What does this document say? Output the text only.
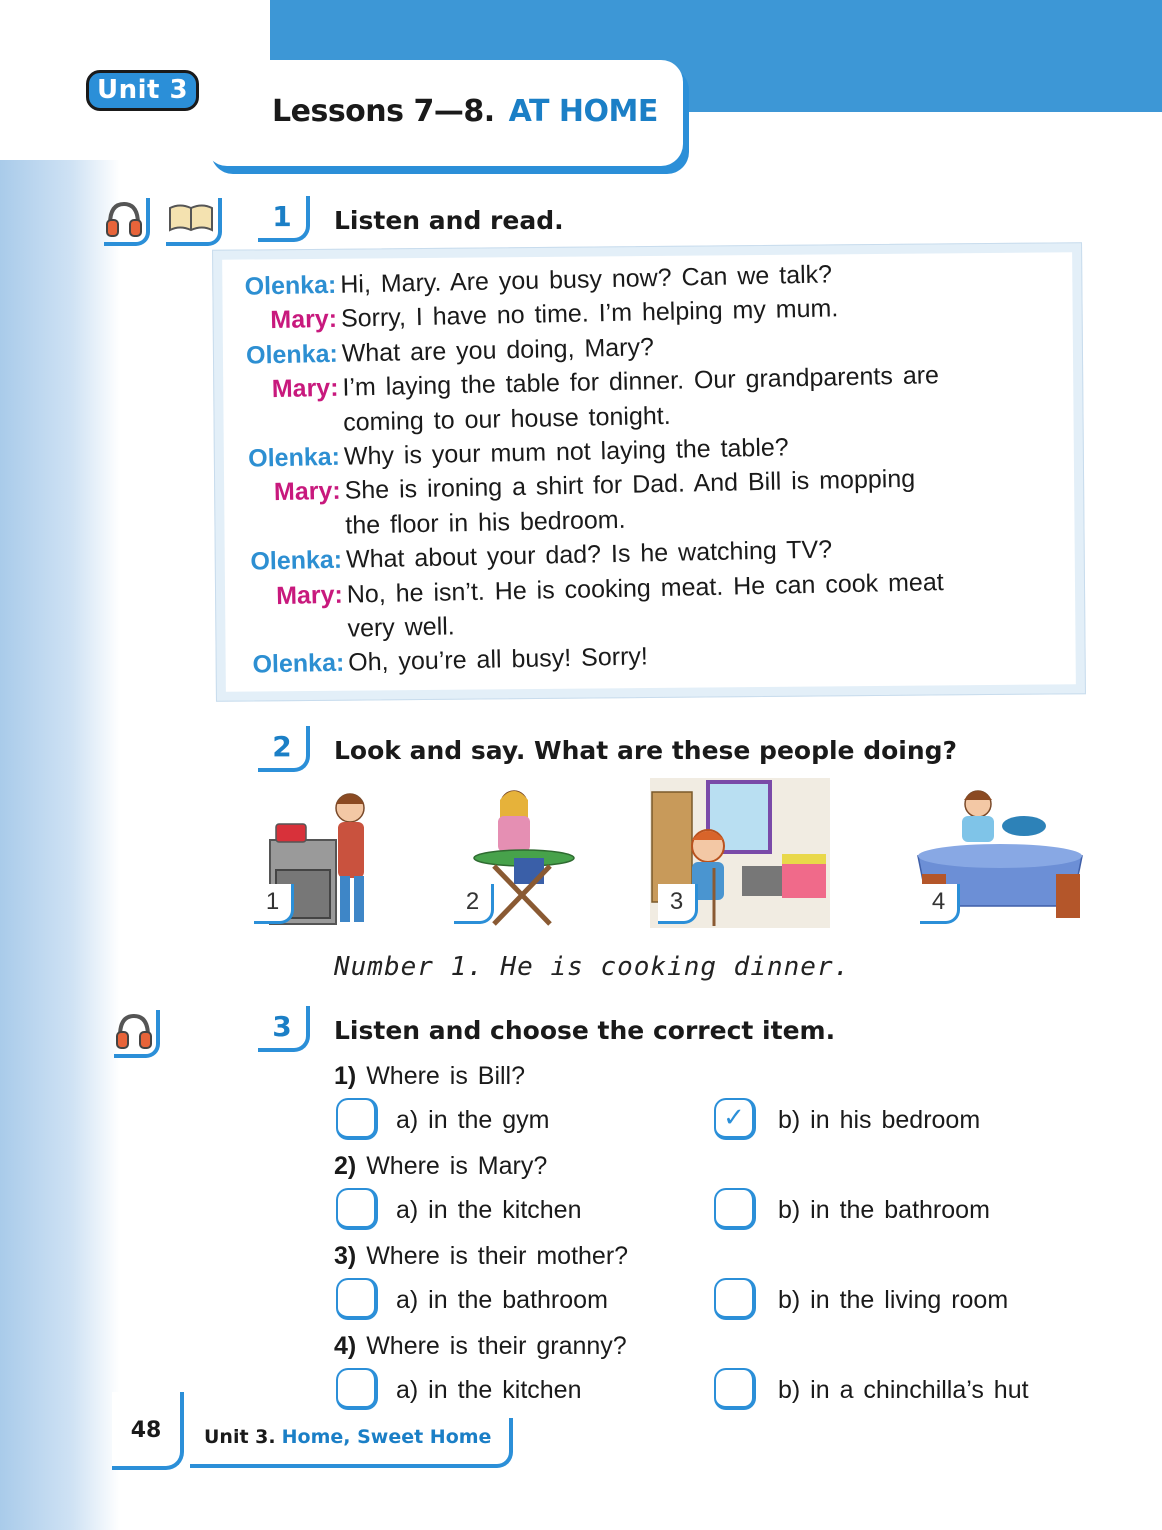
Unit 3
Lessons 7—8. AT HOME
1	Listen and read.
Olenka: Hi, Mary. Are you busy now? Can we talk?
Mary: Sorry, I have no time. I’m helping my mum.
Olenka: What are you doing, Mary?
Mary: I’m laying the table for dinner. Our grandparents are
coming to our house tonight.
Olenka: Why is your mum not laying the table?
Mary: She is ironing a shirt for Dad. And Bill is mopping
the floor in his bedroom.
Olenka: What about your dad? Is he watching TV?
Mary: No, he isn’t. He is cooking meat. He can cook meat
very well.
Olenka: Oh, you’re all busy! Sorry!
2	Look and say. What are these people doing?
1	2	3	4
Number 1. He is cooking dinner.
3	Listen and choose the correct item.
1) Where is Bill?
a) in the gym	✓	b) in his bedroom
2) Where is Mary?
a) in the kitchen	b) in the bathroom
3) Where is their mother?
a) in the bathroom	b) in the living room
4) Where is their granny?
a) in the kitchen	b) in a chinchilla’s hut
48	Unit 3. Home, Sweet Home
